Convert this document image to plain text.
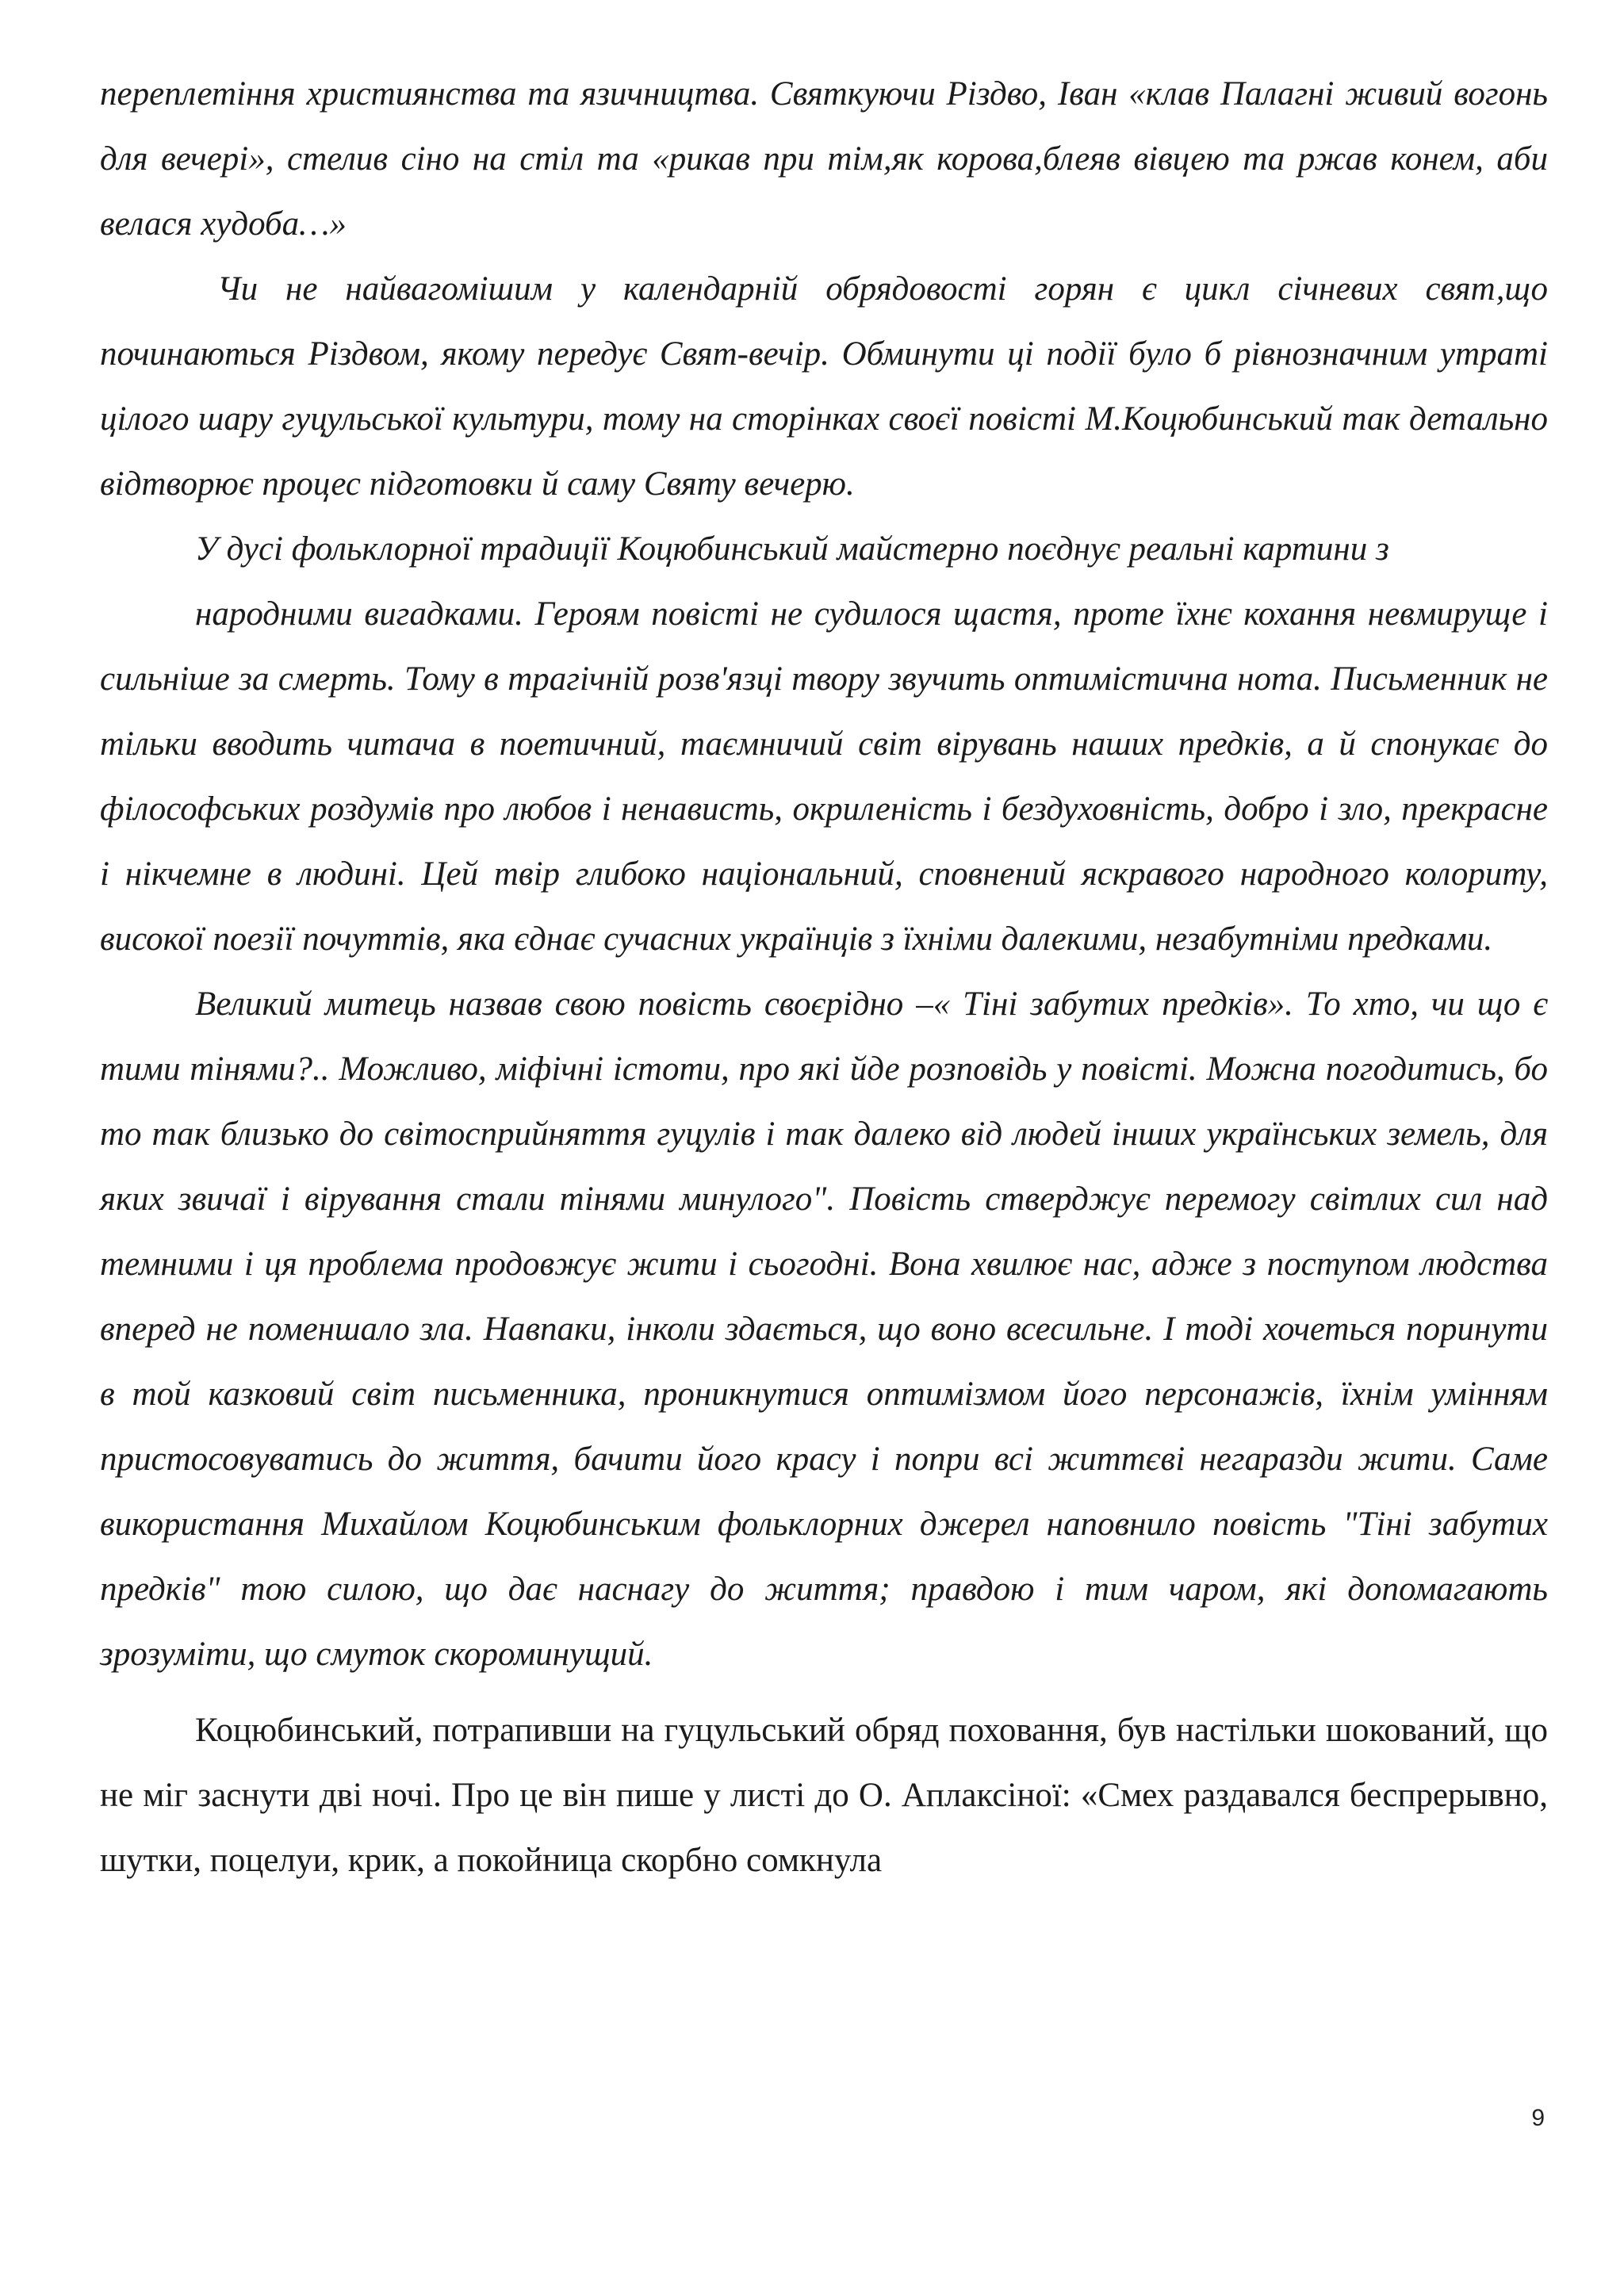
переплетіння християнства та язичництва. Святкуючи Різдво, Іван «клав Палагні живий вогонь для вечері», стелив сіно на стіл та «рикав при тім,як корова,блеяв вівцею та ржав конем, аби велася худоба…»

Чи не найвагомішим у календарній обрядовості горян є цикл січневих свят,що починаються Різдвом, якому передує Свят-вечір. Обминути ці події було б рівнозначним утраті цілого шару гуцульської культури, тому на сторінках своєї повісті М.Коцюбинський так детально відтворює процес підготовки й саму Святу вечерю.

У дусі фольклорної традиції Коцюбинський майстерно поєднує реальні картини з

народними вигадками. Героям повісті не судилося щастя, проте їхнє кохання невмируще і сильніше за смерть. Тому в трагічній розв'язці твору звучить оптимістична нота. Письменник не тільки вводить читача в поетичний, таємничий світ вірувань наших предків, а й спонукає до філософських роздумів про любов і ненависть, окриленість і бездуховність, добро і зло, прекрасне і нікчемне в людині. Цей твір глибоко національний, сповнений яскравого народного колориту, високої поезії почуттів, яка єднає сучасних українців з їхніми далекими, незабутніми предками.

Великий митець назвав свою повість своєрідно –« Тіні забутих предків». То хто, чи що є тими тінями?.. Можливо, міфічні істоти, про які йде розповідь у повісті. Можна погодитись, бо то так близько до світосприйняття гуцулів і так далеко від людей інших українських земель, для яких звичаї і вірування стали тінями минулого". Повість стверджує перемогу світлих сил над темними і ця проблема продовжує жити і сьогодні. Вона хвилює нас, адже з поступом людства вперед не поменшало зла. Навпаки, інколи здається, що воно всесильне. І тоді хочеться поринути в той казковий світ письменника, проникнутися оптимізмом його персонажів, їхнім умінням пристосовуватись до життя, бачити його красу і попри всі життєві негаразди жити. Саме використання Михайлом Коцюбинським фольклорних джерел наповнило повість "Тіні забутих предків" тою силою, що дає наснагу до життя; правдою і тим чаром, які допомагають зрозуміти, що смуток скороминущий.

Коцюбинський, потрапивши на гуцульський обряд поховання, був настільки шокований, що не міг заснути дві ночі. Про це він пише у листі до О. Аплаксіної: «Смех раздавался беспрерывно, шутки, поцелуи, крик, а покойница скорбно сомкнула

9
